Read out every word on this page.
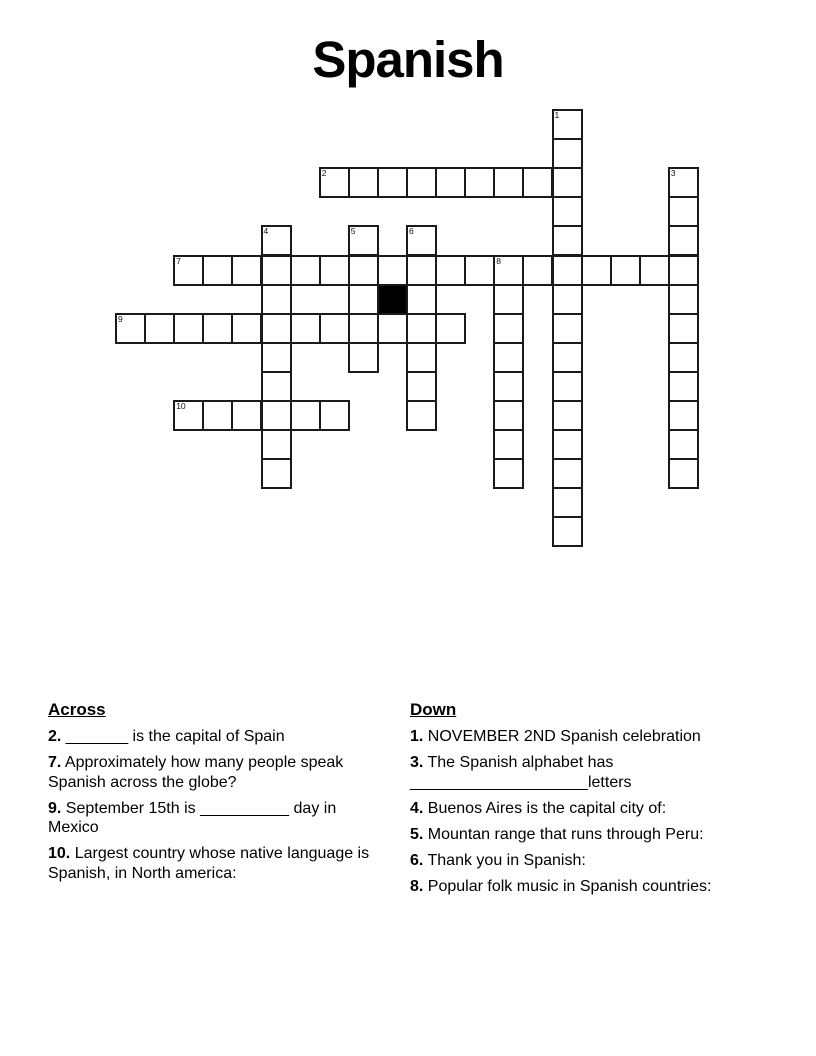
Spanish
1
2	3
4	5	6
7	8
9
10
Across

2. _______ is the capital of Spain

7. Approximately how many people speak Spanish across the globe?

9. September 15th is __________ day in Mexico

10. Largest country whose native language is Spanish, in North america:

Down

1. NOVEMBER 2ND Spanish celebration

3. The Spanish alphabet has ____________________letters

4. Buenos Aires is the capital city of:

5. Mountan range that runs through Peru:

6. Thank you in Spanish:

8. Popular folk music in Spanish countries:
